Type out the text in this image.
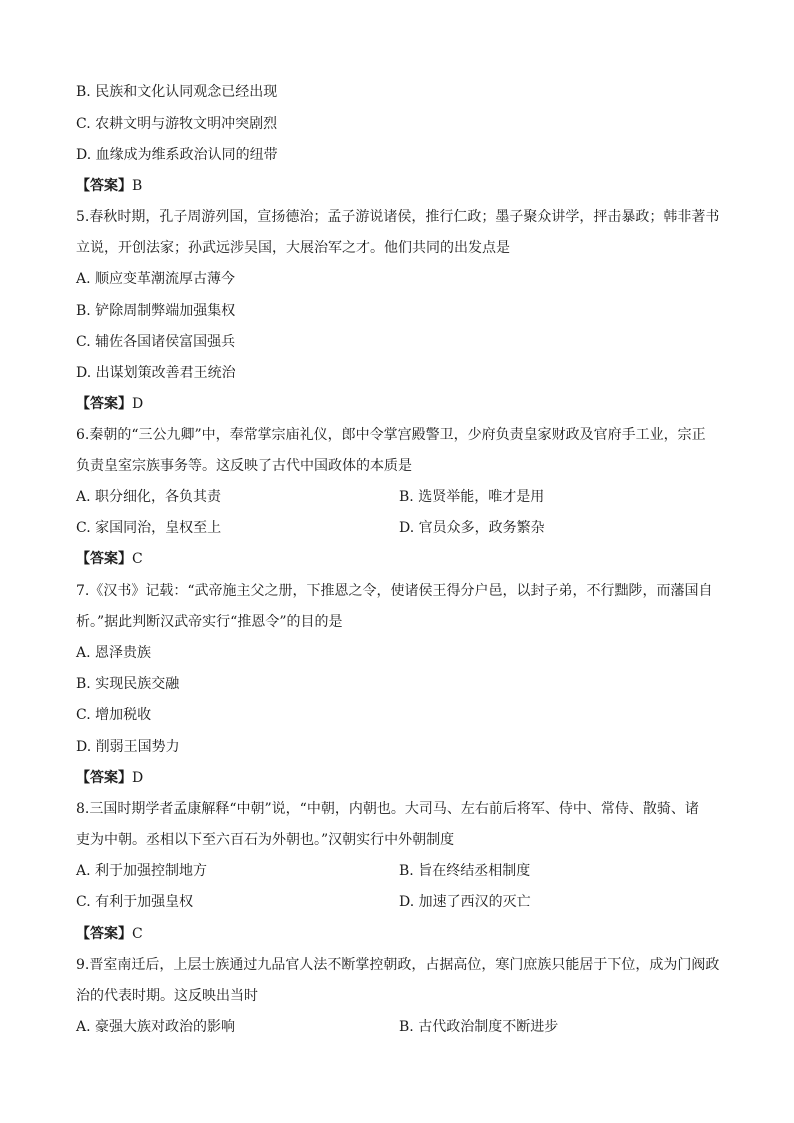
B. 民族和文化认同观念已经出现
C. 农耕文明与游牧文明冲突剧烈
D. 血缘成为维系政治认同的纽带
【答案】B
5.春秋时期，孔子周游列国，宣扬德治；孟子游说诸侯，推行仁政；墨子聚众讲学，抨击暴政；韩非著书
立说，开创法家；孙武远涉吴国，大展治军之才。他们共同的出发点是
A. 顺应变革潮流厚古薄今
B. 铲除周制弊端加强集权
C. 辅佐各国诸侯富国强兵
D. 出谋划策改善君王统治
【答案】D
6.秦朝的“三公九卿”中，奉常掌宗庙礼仪，郎中令掌宫殿警卫，少府负责皇家财政及官府手工业，宗正
负责皇室宗族事务等。这反映了古代中国政体的本质是
A. 职分细化，各负其责	B. 选贤举能，唯才是用
C. 家国同治，皇权至上	D. 官员众多，政务繁杂
【答案】C
7.《汉书》记载：“武帝施主父之册，下推恩之令，使诸侯王得分户邑，以封子弟，不行黜陟，而藩国自
析。”据此判断汉武帝实行“推恩令”的目的是
A. 恩泽贵族
B. 实现民族交融
C. 增加税收
D. 削弱王国势力
【答案】D
8.三国时期学者孟康解释“中朝”说，“中朝，内朝也。大司马、左右前后将军、侍中、常侍、散骑、诸
吏为中朝。丞相以下至六百石为外朝也。”汉朝实行中外朝制度
A. 利于加强控制地方	B. 旨在终结丞相制度
C. 有利于加强皇权	D. 加速了西汉的灭亡
【答案】C
9.晋室南迁后，上层士族通过九品官人法不断掌控朝政，占据高位，寒门庶族只能居于下位，成为门阀政
治的代表时期。这反映出当时
A. 豪强大族对政治的影响	B. 古代政治制度不断进步
